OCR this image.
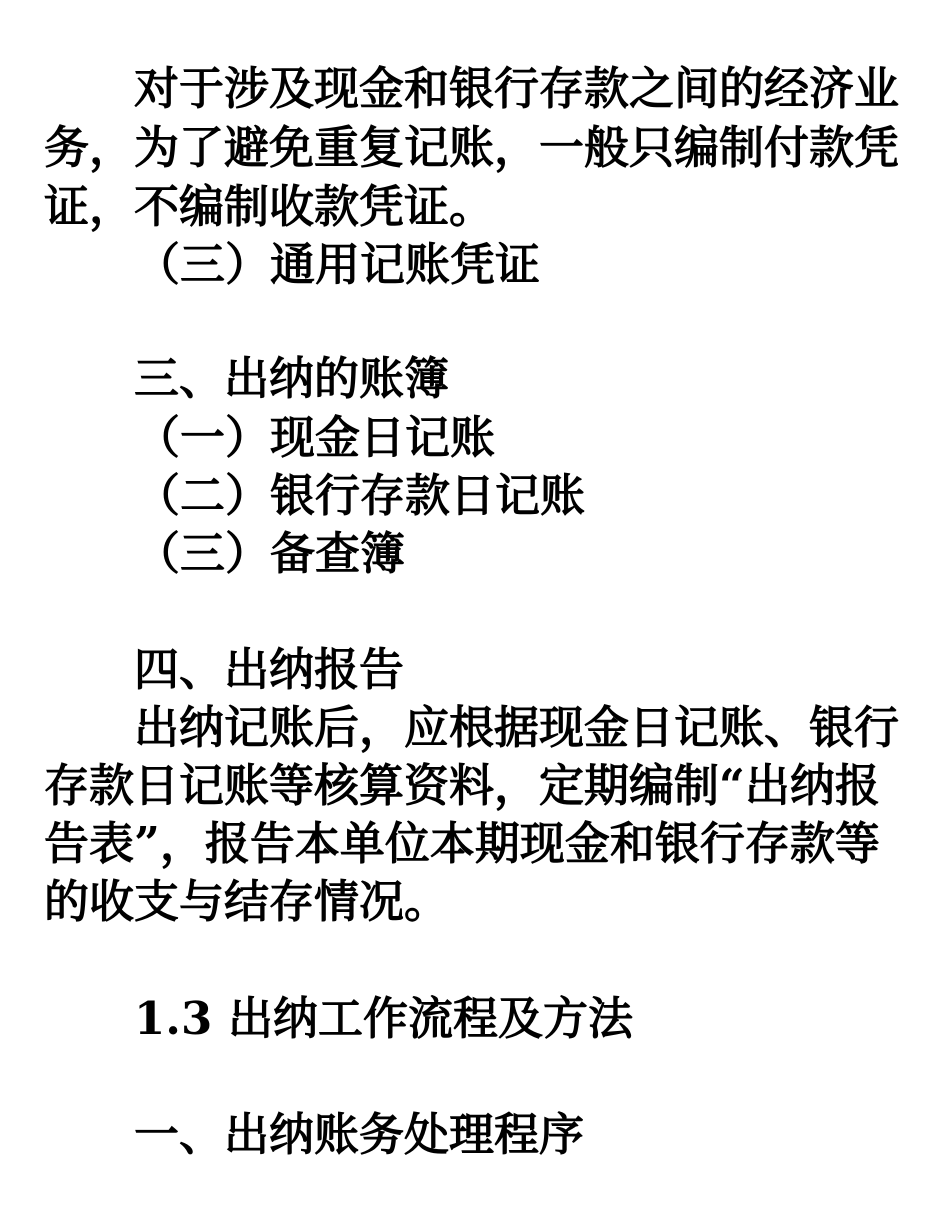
对于涉及现金和银行存款之间的经济业
务，为了避免重复记账，一般只编制付款凭
证，不编制收款凭证。
（三）通用记账凭证
三、出纳的账簿
（一）现金日记账
（二）银行存款日记账
（三）备查簿
四、出纳报告
出纳记账后，应根据现金日记账、银行
存款日记账等核算资料，定期编制“出纳报
告表”，报告本单位本期现金和银行存款等
的收支与结存情况。
1.3 出纳工作流程及方法
一、出纳账务处理程序
